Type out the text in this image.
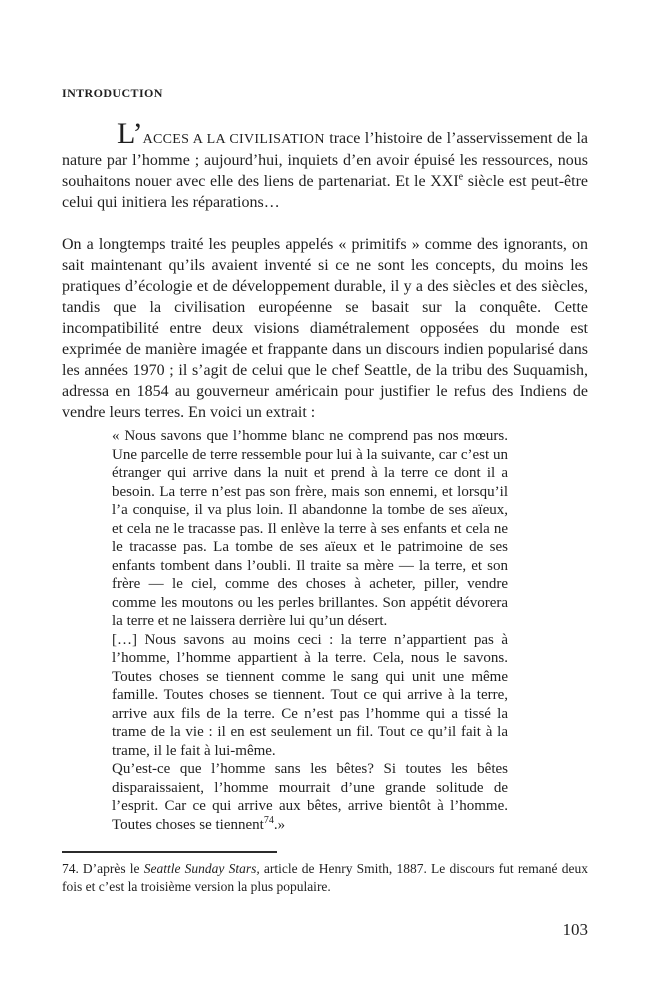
INTRODUCTION

L’ACCES A LA CIVILISATION trace l’histoire de l’asservissement de la nature par l’homme ; aujourd’hui, inquiets d’en avoir épuisé les ressources, nous souhaitons nouer avec elle des liens de partenariat. Et le XXIe siècle est peut-être celui qui initiera les réparations…

On a longtemps traité les peuples appelés « primitifs » comme des ignorants, on sait maintenant qu’ils avaient inventé si ce ne sont les concepts, du moins les pratiques d’écologie et de développement durable, il y a des siècles et des siècles, tandis que la civilisation européenne se basait sur la conquête. Cette incompatibilité entre deux visions diamétralement opposées du monde est exprimée de manière imagée et frappante dans un discours indien popularisé dans les années 1970 ; il s’agit de celui que le chef Seattle, de la tribu des Suquamish, adressa en 1854 au gouverneur américain pour justifier le refus des Indiens de vendre leurs terres. En voici un extrait :

« Nous savons que l’homme blanc ne comprend pas nos mœurs. Une parcelle de terre ressemble pour lui à la suivante, car c’est un étranger qui arrive dans la nuit et prend à la terre ce dont il a besoin. La terre n’est pas son frère, mais son ennemi, et lorsqu’il l’a conquise, il va plus loin. Il abandonne la tombe de ses aïeux, et cela ne le tracasse pas. Il enlève la terre à ses enfants et cela ne le tracasse pas. La tombe de ses aïeux et le patrimoine de ses enfants tombent dans l’oubli. Il traite sa mère — la terre, et son frère — le ciel, comme des choses à acheter, piller, vendre comme les moutons ou les perles brillantes. Son appétit dévorera la terre et ne laissera derrière lui qu’un désert.

[…] Nous savons au moins ceci : la terre n’appartient pas à l’homme, l’homme appartient à la terre. Cela, nous le savons. Toutes choses se tiennent comme le sang qui unit une même famille. Toutes choses se tiennent. Tout ce qui arrive à la terre, arrive aux fils de la terre. Ce n’est pas l’homme qui a tissé la trame de la vie : il en est seulement un fil. Tout ce qu’il fait à la trame, il le fait à lui-même.

Qu’est-ce que l’homme sans les bêtes? Si toutes les bêtes disparaissaient, l’homme mourrait d’une grande solitude de l’esprit. Car ce qui arrive aux bêtes, arrive bientôt à l’homme. Toutes choses se tiennent$^{74}$.»

74. D’après le Seattle Sunday Stars, article de Henry Smith, 1887. Le discours fut remané deux fois et c’est la troisième version la plus populaire.
103
